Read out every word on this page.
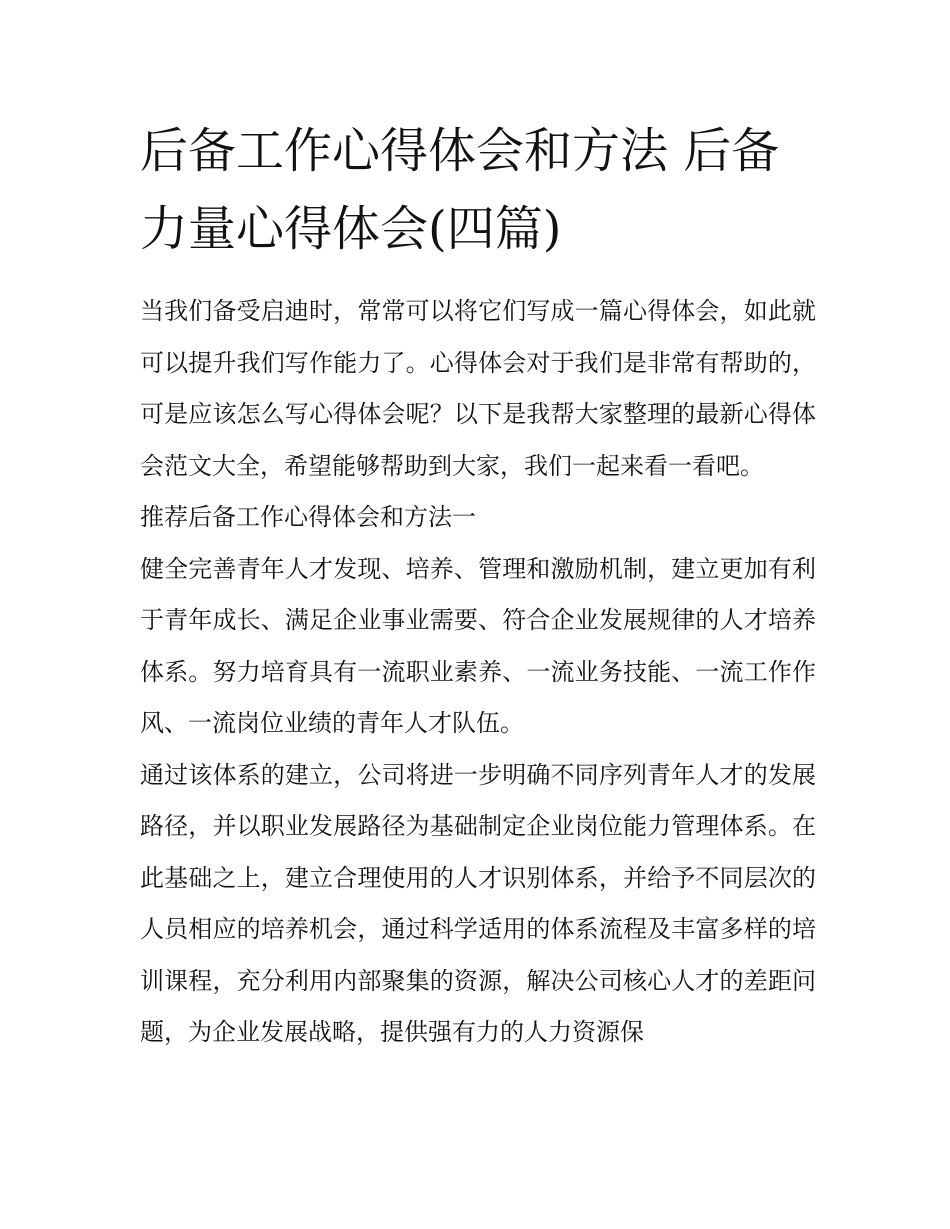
后备工作心得体会和方法 后备力量心得体会(四篇)

当我们备受启迪时，常常可以将它们写成一篇心得体会，如此就可以提升我们写作能力了。心得体会对于我们是非常有帮助的，可是应该怎么写心得体会呢？以下是我帮大家整理的最新心得体会范文大全，希望能够帮助到大家，我们一起来看一看吧。

推荐后备工作心得体会和方法一

健全完善青年人才发现、培养、管理和激励机制，建立更加有利于青年成长、满足企业事业需要、符合企业发展规律的人才培养体系。努力培育具有一流职业素养、一流业务技能、一流工作作风、一流岗位业绩的青年人才队伍。

通过该体系的建立，公司将进一步明确不同序列青年人才的发展路径，并以职业发展路径为基础制定企业岗位能力管理体系。在此基础之上，建立合理使用的人才识别体系，并给予不同层次的人员相应的培养机会，通过科学适用的体系流程及丰富多样的培训课程，充分利用内部聚集的资源，解决公司核心人才的差距问题，为企业发展战略，提供强有力的人力资源保
